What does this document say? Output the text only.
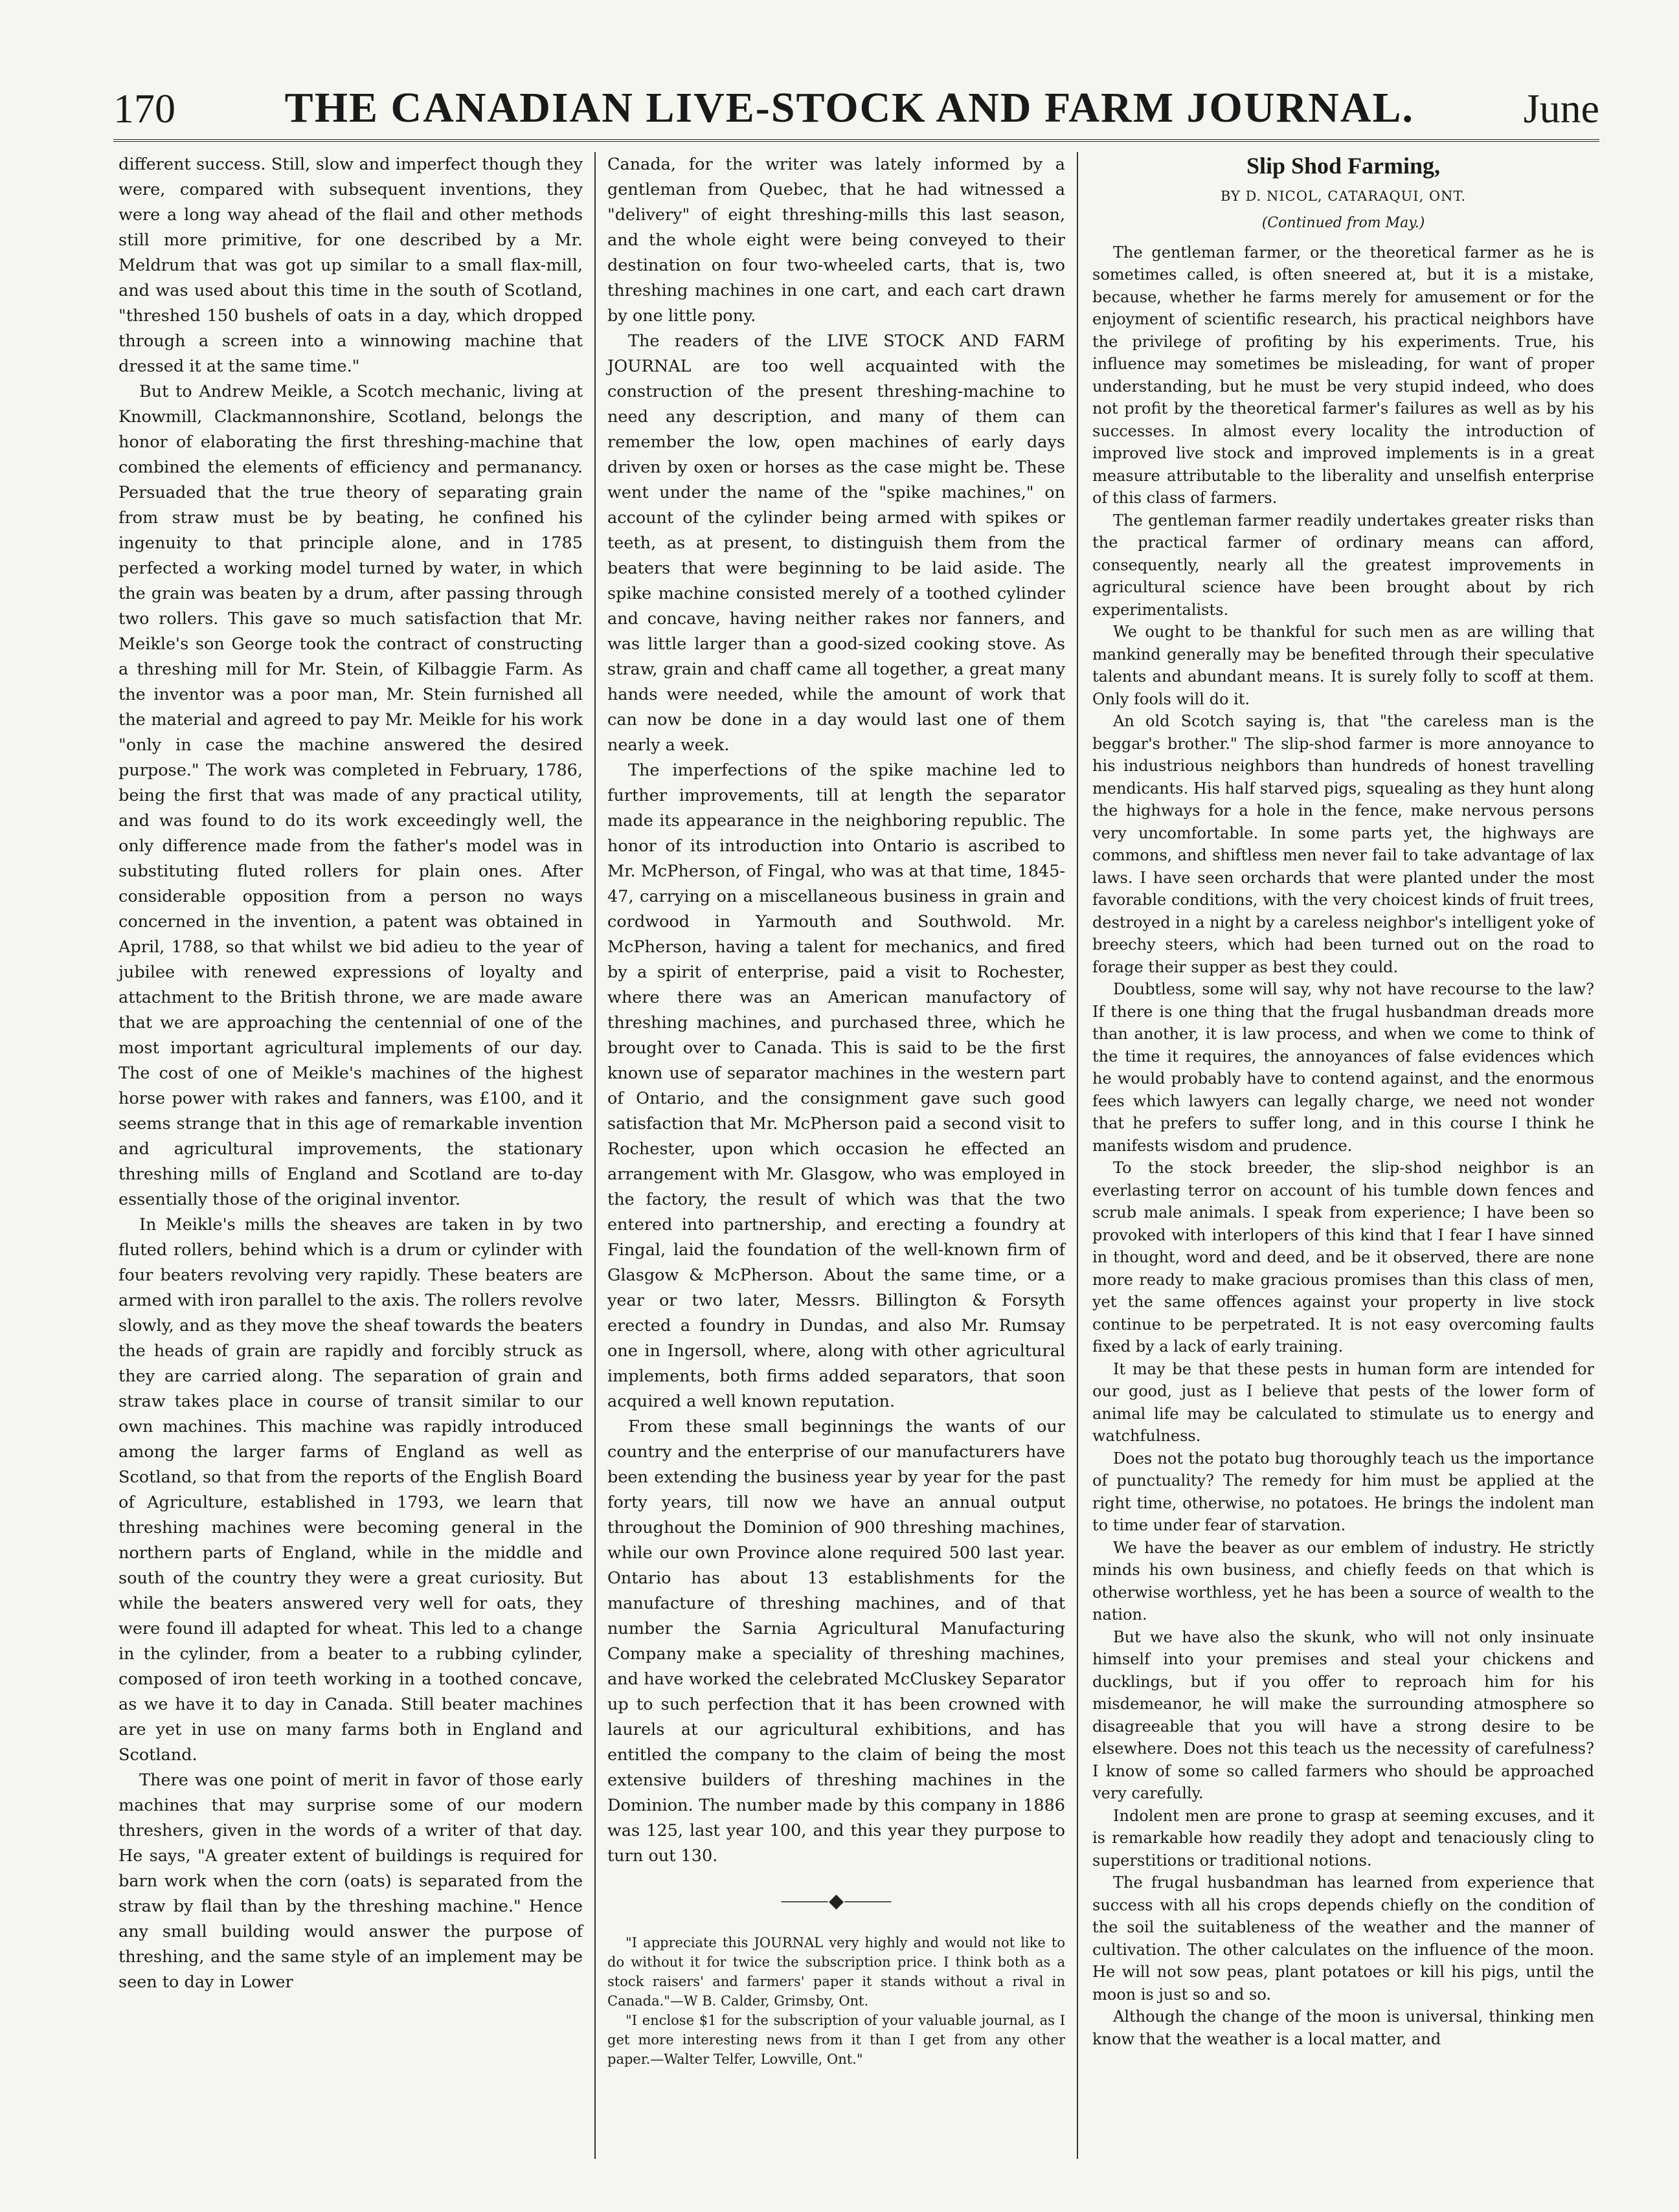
170	THE CANADIAN LIVE-STOCK AND FARM JOURNAL.	June

different success. Still, slow and imperfect though they were, compared with subsequent inventions, they were a long way ahead of the flail and other methods still more primitive, for one described by a Mr. Meldrum that was got up similar to a small flax-mill, and was used about this time in the south of Scotland, "threshed 150 bushels of oats in a day, which dropped through a screen into a winnowing machine that dressed it at the same time."

But to Andrew Meikle, a Scotch mechanic, living at Knowmill, Clackmannonshire, Scotland, belongs the honor of elaborating the first threshing-machine that combined the elements of efficiency and permanancy. Persuaded that the true theory of separating grain from straw must be by beating, he confined his ingenuity to that principle alone, and in 1785 perfected a working model turned by water, in which the grain was beaten by a drum, after passing through two rollers. This gave so much satisfaction that Mr. Meikle's son George took the contract of constructing a threshing mill for Mr. Stein, of Kilbaggie Farm. As the inventor was a poor man, Mr. Stein furnished all the material and agreed to pay Mr. Meikle for his work "only in case the machine answered the desired purpose." The work was completed in February, 1786, being the first that was made of any practical utility, and was found to do its work exceedingly well, the only difference made from the father's model was in substituting fluted rollers for plain ones. After considerable opposition from a person no ways concerned in the invention, a patent was obtained in April, 1788, so that whilst we bid adieu to the year of jubilee with renewed expressions of loyalty and attachment to the British throne, we are made aware that we are approaching the centennial of one of the most important agricultural implements of our day. The cost of one of Meikle's machines of the highest horse power with rakes and fanners, was £100, and it seems strange that in this age of remarkable invention and agricultural improvements, the stationary threshing mills of England and Scotland are to-day essentially those of the original inventor.

In Meikle's mills the sheaves are taken in by two fluted rollers, behind which is a drum or cylinder with four beaters revolving very rapidly. These beaters are armed with iron parallel to the axis. The rollers revolve slowly, and as they move the sheaf towards the beaters the heads of grain are rapidly and forcibly struck as they are carried along. The separation of grain and straw takes place in course of transit similar to our own machines. This machine was rapidly introduced among the larger farms of England as well as Scotland, so that from the reports of the English Board of Agriculture, established in 1793, we learn that threshing machines were becoming general in the northern parts of England, while in the middle and south of the country they were a great curiosity. But while the beaters answered very well for oats, they were found ill adapted for wheat. This led to a change in the cylinder, from a beater to a rubbing cylinder, composed of iron teeth working in a toothed concave, as we have it to day in Canada. Still beater machines are yet in use on many farms both in England and Scotland.

There was one point of merit in favor of those early machines that may surprise some of our modern threshers, given in the words of a writer of that day. He says, "A greater extent of buildings is required for barn work when the corn (oats) is separated from the straw by flail than by the threshing machine." Hence any small building would answer the purpose of threshing, and the same style of an implement may be seen to day in Lower

Canada, for the writer was lately informed by a gentleman from Quebec, that he had witnessed a "delivery" of eight threshing-mills this last season, and the whole eight were being conveyed to their destination on four two-wheeled carts, that is, two threshing machines in one cart, and each cart drawn by one little pony.

The readers of the LIVE STOCK AND FARM JOURNAL are too well acquainted with the construction of the present threshing-machine to need any description, and many of them can remember the low, open machines of early days driven by oxen or horses as the case might be. These went under the name of the "spike machines," on account of the cylinder being armed with spikes or teeth, as at present, to distinguish them from the beaters that were beginning to be laid aside. The spike machine consisted merely of a toothed cylinder and concave, having neither rakes nor fanners, and was little larger than a good-sized cooking stove. As straw, grain and chaff came all together, a great many hands were needed, while the amount of work that can now be done in a day would last one of them nearly a week.

The imperfections of the spike machine led to further improvements, till at length the separator made its appearance in the neighboring republic. The honor of its introduction into Ontario is ascribed to Mr. McPherson, of Fingal, who was at that time, 1845-47, carrying on a miscellaneous business in grain and cordwood in Yarmouth and Southwold. Mr. McPherson, having a talent for mechanics, and fired by a spirit of enterprise, paid a visit to Rochester, where there was an American manufactory of threshing machines, and purchased three, which he brought over to Canada. This is said to be the first known use of separator machines in the western part of Ontario, and the consignment gave such good satisfaction that Mr. McPherson paid a second visit to Rochester, upon which occasion he effected an arrangement with Mr. Glasgow, who was employed in the factory, the result of which was that the two entered into partnership, and erecting a foundry at Fingal, laid the foundation of the well-known firm of Glasgow & McPherson. About the same time, or a year or two later, Messrs. Billington & Forsyth erected a foundry in Dundas, and also Mr. Rumsay one in Ingersoll, where, along with other agricultural implements, both firms added separators, that soon acquired a well known reputation.

From these small beginnings the wants of our country and the enterprise of our manufacturers have been extending the business year by year for the past forty years, till now we have an annual output throughout the Dominion of 900 threshing machines, while our own Province alone required 500 last year. Ontario has about 13 establishments for the manufacture of threshing machines, and of that number the Sarnia Agricultural Manufacturing Company make a speciality of threshing machines, and have worked the celebrated McCluskey Separator up to such perfection that it has been crowned with laurels at our agricultural exhibitions, and has entitled the company to the claim of being the most extensive builders of threshing machines in the Dominion. The number made by this company in 1886 was 125, last year 100, and this year they purpose to turn out 130.

⸻◆⸻

"I appreciate this JOURNAL very highly and would not like to do without it for twice the subscription price. I think both as a stock raisers' and farmers' paper it stands without a rival in Canada."—W B. Calder, Grimsby, Ont.

"I enclose $1 for the subscription of your valuable journal, as I get more interesting news from it than I get from any other paper.—Walter Telfer, Lowville, Ont."

Slip Shod Farming,
BY D. NICOL, CATARAQUI, ONT.
(Continued from May.)

The gentleman farmer, or the theoretical farmer as he is sometimes called, is often sneered at, but it is a mistake, because, whether he farms merely for amusement or for the enjoyment of scientific research, his practical neighbors have the privilege of profiting by his experiments. True, his influence may sometimes be misleading, for want of proper understanding, but he must be very stupid indeed, who does not profit by the theoretical farmer's failures as well as by his successes. In almost every locality the introduction of improved live stock and improved implements is in a great measure attributable to the liberality and unselfish enterprise of this class of farmers.

The gentleman farmer readily undertakes greater risks than the practical farmer of ordinary means can afford, consequently, nearly all the greatest improvements in agricultural science have been brought about by rich experimentalists.

We ought to be thankful for such men as are willing that mankind generally may be benefited through their speculative talents and abundant means. It is surely folly to scoff at them. Only fools will do it.

An old Scotch saying is, that "the careless man is the beggar's brother." The slip-shod farmer is more annoyance to his industrious neighbors than hundreds of honest travelling mendicants. His half starved pigs, squealing as they hunt along the highways for a hole in the fence, make nervous persons very uncomfortable. In some parts yet, the highways are commons, and shiftless men never fail to take advantage of lax laws. I have seen orchards that were planted under the most favorable conditions, with the very choicest kinds of fruit trees, destroyed in a night by a careless neighbor's intelligent yoke of breechy steers, which had been turned out on the road to forage their supper as best they could.

Doubtless, some will say, why not have recourse to the law? If there is one thing that the frugal husbandman dreads more than another, it is law process, and when we come to think of the time it requires, the annoyances of false evidences which he would probably have to contend against, and the enormous fees which lawyers can legally charge, we need not wonder that he prefers to suffer long, and in this course I think he manifests wisdom and prudence.

To the stock breeder, the slip-shod neighbor is an everlasting terror on account of his tumble down fences and scrub male animals. I speak from experience; I have been so provoked with interlopers of this kind that I fear I have sinned in thought, word and deed, and be it observed, there are none more ready to make gracious promises than this class of men, yet the same offences against your property in live stock continue to be perpetrated. It is not easy overcoming faults fixed by a lack of early training.

It may be that these pests in human form are intended for our good, just as I believe that pests of the lower form of animal life may be calculated to stimulate us to energy and watchfulness.

Does not the potato bug thoroughly teach us the importance of punctuality? The remedy for him must be applied at the right time, otherwise, no potatoes. He brings the indolent man to time under fear of starvation.

We have the beaver as our emblem of industry. He strictly minds his own business, and chiefly feeds on that which is otherwise worthless, yet he has been a source of wealth to the nation.

But we have also the skunk, who will not only insinuate himself into your premises and steal your chickens and ducklings, but if you offer to reproach him for his misdemeanor, he will make the surrounding atmosphere so disagreeable that you will have a strong desire to be elsewhere. Does not this teach us the necessity of carefulness? I know of some so called farmers who should be approached very carefully.

Indolent men are prone to grasp at seeming excuses, and it is remarkable how readily they adopt and tenaciously cling to superstitions or traditional notions.

The frugal husbandman has learned from experience that success with all his crops depends chiefly on the condition of the soil the suitableness of the weather and the manner of cultivation. The other calculates on the influence of the moon. He will not sow peas, plant potatoes or kill his pigs, until the moon is just so and so.

Although the change of the moon is universal, thinking men know that the weather is a local matter, and
